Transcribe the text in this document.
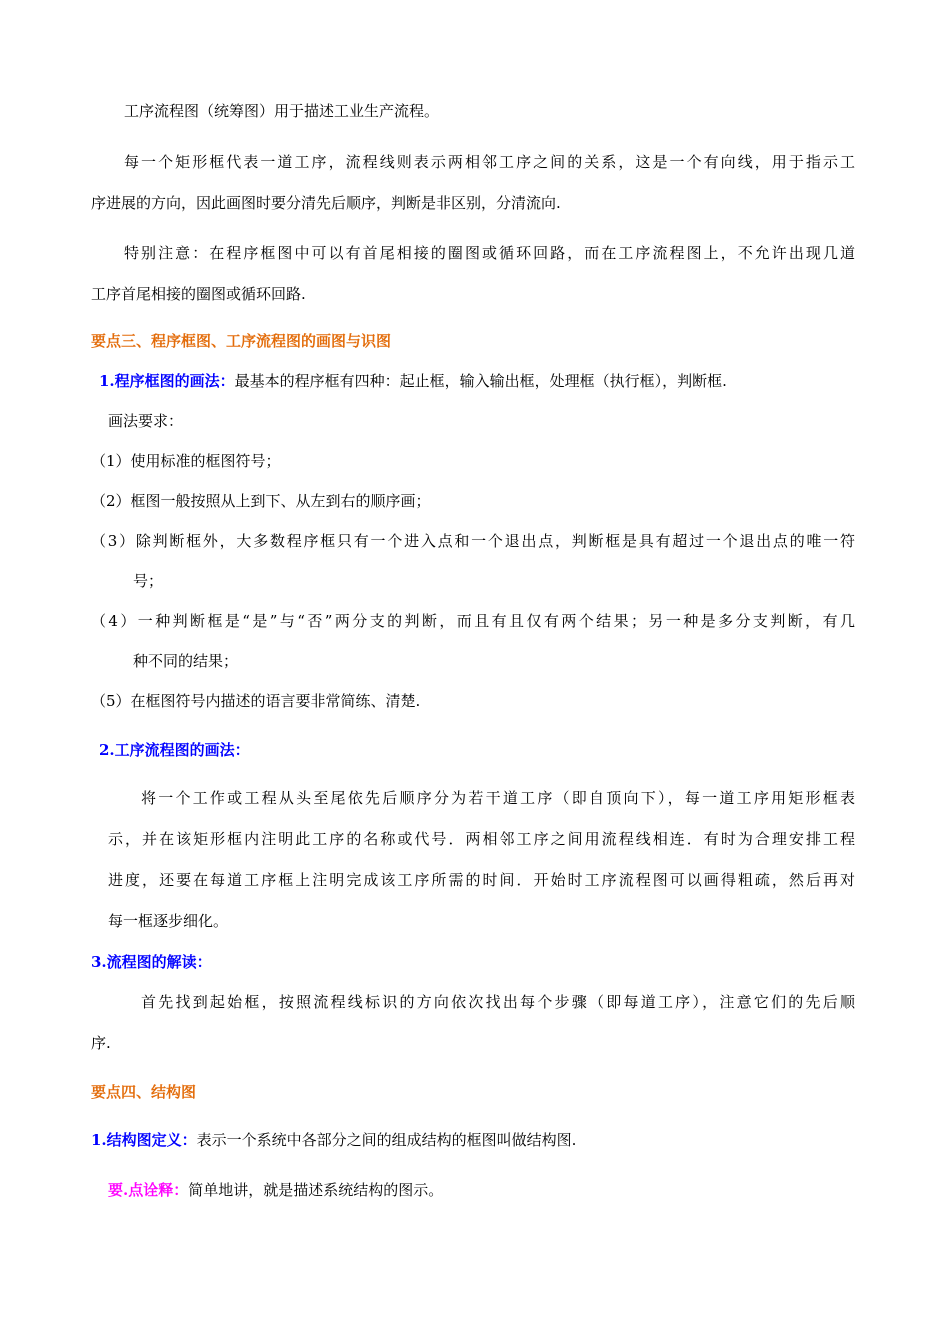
工序流程图（统筹图）用于描述工业生产流程。
每一个矩形框代表一道工序，流程线则表示两相邻工序之间的关系，这是一个有向线，用于指示工
序进展的方向，因此画图时要分清先后顺序，判断是非区别，分清流向.
特别注意：在程序框图中可以有首尾相接的圈图或循环回路，而在工序流程图上，不允许出现几道
工序首尾相接的圈图或循环回路.
要点三、程序框图、工序流程图的画图与识图
1.程序框图的画法：最基本的程序框有四种：起止框，输入输出框，处理框（执行框），判断框.
画法要求：
（1）使用标准的框图符号；
（2）框图一般按照从上到下、从左到右的顺序画；
（3）除判断框外，大多数程序框只有一个进入点和一个退出点，判断框是具有超过一个退出点的唯一符
号；
（4）一种判断框是“是”与“否”两分支的判断，而且有且仅有两个结果；另一种是多分支判断，有几
种不同的结果；
（5）在框图符号内描述的语言要非常简练、清楚.
2.工序流程图的画法：
将一个工作或工程从头至尾依先后顺序分为若干道工序（即自顶向下），每一道工序用矩形框表
示，并在该矩形框内注明此工序的名称或代号．两相邻工序之间用流程线相连．有时为合理安排工程
进度，还要在每道工序框上注明完成该工序所需的时间．开始时工序流程图可以画得粗疏，然后再对
每一框逐步细化。
3.流程图的解读：
首先找到起始框，按照流程线标识的方向依次找出每个步骤（即每道工序），注意它们的先后顺
序.
要点四、结构图
1.结构图定义：表示一个系统中各部分之间的组成结构的框图叫做结构图.
要.点诠释：简单地讲，就是描述系统结构的图示。
